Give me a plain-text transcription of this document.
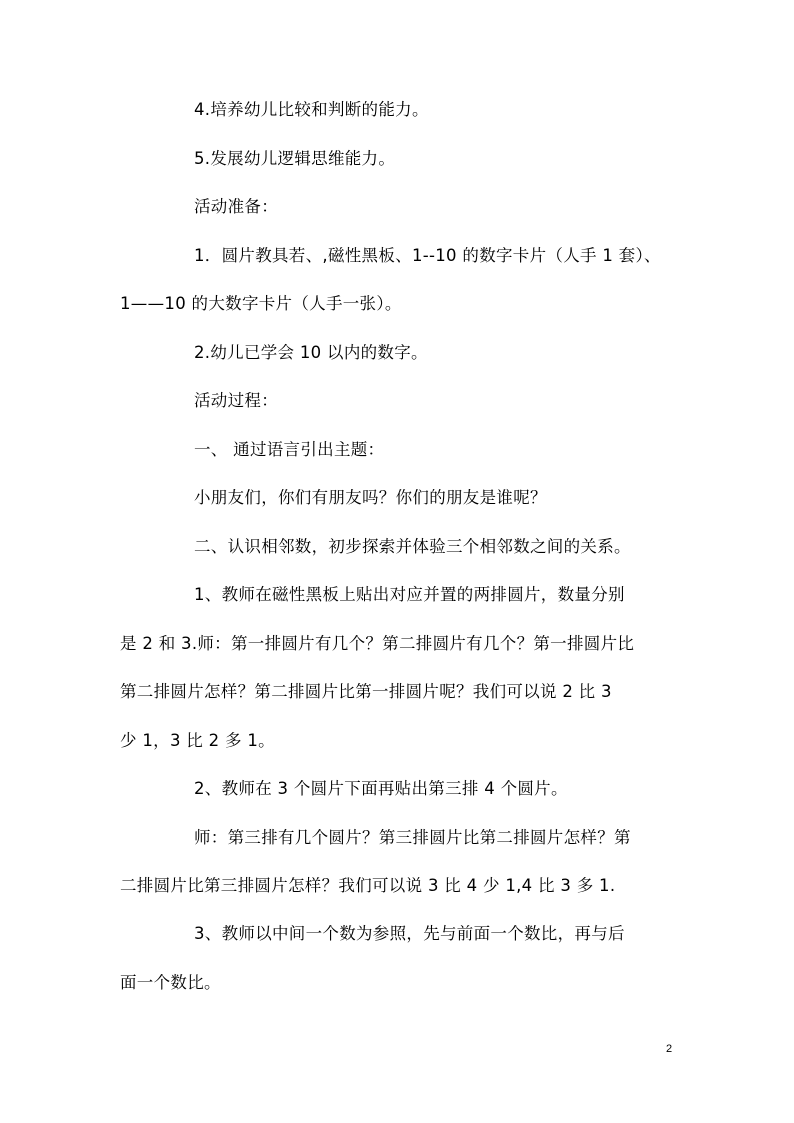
4.培养幼儿比较和判断的能力。
5.发展幼儿逻辑思维能力。
活动准备：
1．圆片教具若、,磁性黑板、1--10 的数字卡片（人手 1 套）、
1——10 的大数字卡片（人手一张）。
2.幼儿已学会 10 以内的数字。
活动过程：
一、 通过语言引出主题：
小朋友们，你们有朋友吗？你们的朋友是谁呢？
二、认识相邻数，初步探索并体验三个相邻数之间的关系。
1、教师在磁性黑板上贴出对应并置的两排圆片，数量分别
是 2 和 3.师：第一排圆片有几个？第二排圆片有几个？第一排圆片比
第二排圆片怎样？第二排圆片比第一排圆片呢？我们可以说 2 比 3
少 1，3 比 2 多 1。
2、教师在 3 个圆片下面再贴出第三排 4 个圆片。
师：第三排有几个圆片？第三排圆片比第二排圆片怎样？第
二排圆片比第三排圆片怎样？我们可以说 3 比 4 少 1,4 比 3 多 1.
3、教师以中间一个数为参照，先与前面一个数比，再与后
面一个数比。
2
